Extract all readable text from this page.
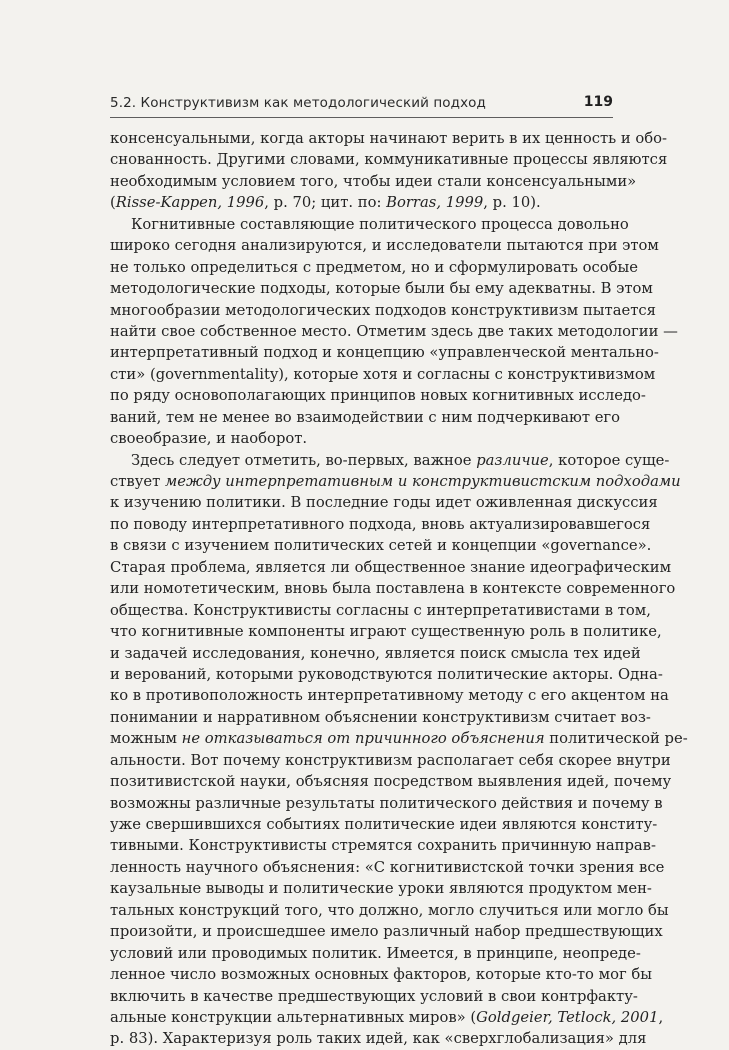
5.2. Конструктивизм как методологический подход	119
консенсуальными, когда акторы начинают верить в их ценность и обо-
снованность. Другими словами, коммуникативные процессы являются
необходимым условием того, чтобы идеи стали консенсуальными»
(Risse-Kappen, 1996, р. 70; цит. по: Borras, 1999, р. 10).
Когнитивные составляющие политического процесса довольно
широко сегодня анализируются, и исследователи пытаются при этом
не только определиться с предметом, но и сформулировать особые
методологические подходы, которые были бы ему адекватны. В этом
многообразии методологических подходов конструктивизм пытается
найти свое собственное место. Отметим здесь две таких методологии —
интерпретативный подход и концепцию «управленческой ментально-
сти» (governmentality), которые хотя и согласны с конструктивизмом
по ряду основополагающих принципов новых когнитивных исследо-
ваний, тем не менее во взаимодействии с ним подчеркивают его
своеобразие, и наоборот.
Здесь следует отметить, во-первых, важное различие, которое суще-
ствует между интерпретативным и конструктивистским подходами
к изучению политики. В последние годы идет оживленная дискуссия
по поводу интерпретативного подхода, вновь актуализировавшегося
в связи с изучением политических сетей и концепции «governance».
Старая проблема, является ли общественное знание идеографическим
или номотетическим, вновь была поставлена в контексте современного
общества. Конструктивисты согласны с интерпретативистами в том,
что когнитивные компоненты играют существенную роль в политике,
и задачей исследования, конечно, является поиск смысла тех идей
и верований, которыми руководствуются политические акторы. Одна-
ко в противоположность интерпретативному методу с его акцентом на
понимании и нарративном объяснении конструктивизм считает воз-
можным не отказываться от причинного объяснения политической ре-
альности. Вот почему конструктивизм располагает себя скорее внутри
позитивистской науки, объясняя посредством выявления идей, почему
возможны различные результаты политического действия и почему в
уже свершившихся событиях политические идеи являются конститу-
тивными. Конструктивисты стремятся сохранить причинную направ-
ленность научного объяснения: «С когнитивистской точки зрения все
каузальные выводы и политические уроки являются продуктом мен-
тальных конструкций того, что должно, могло случиться или могло бы
произойти, и происшедшее имело различный набор предшествующих
условий или проводимых политик. Имеется, в принципе, неопреде-
ленное число возможных основных факторов, которые кто-то мог бы
включить в качестве предшествующих условий в свои контрфакту-
альные конструкции альтернативных миров» (Goldgeier, Tetlock, 2001,
р. 83). Характеризуя роль таких идей, как «сверхглобализация» для
